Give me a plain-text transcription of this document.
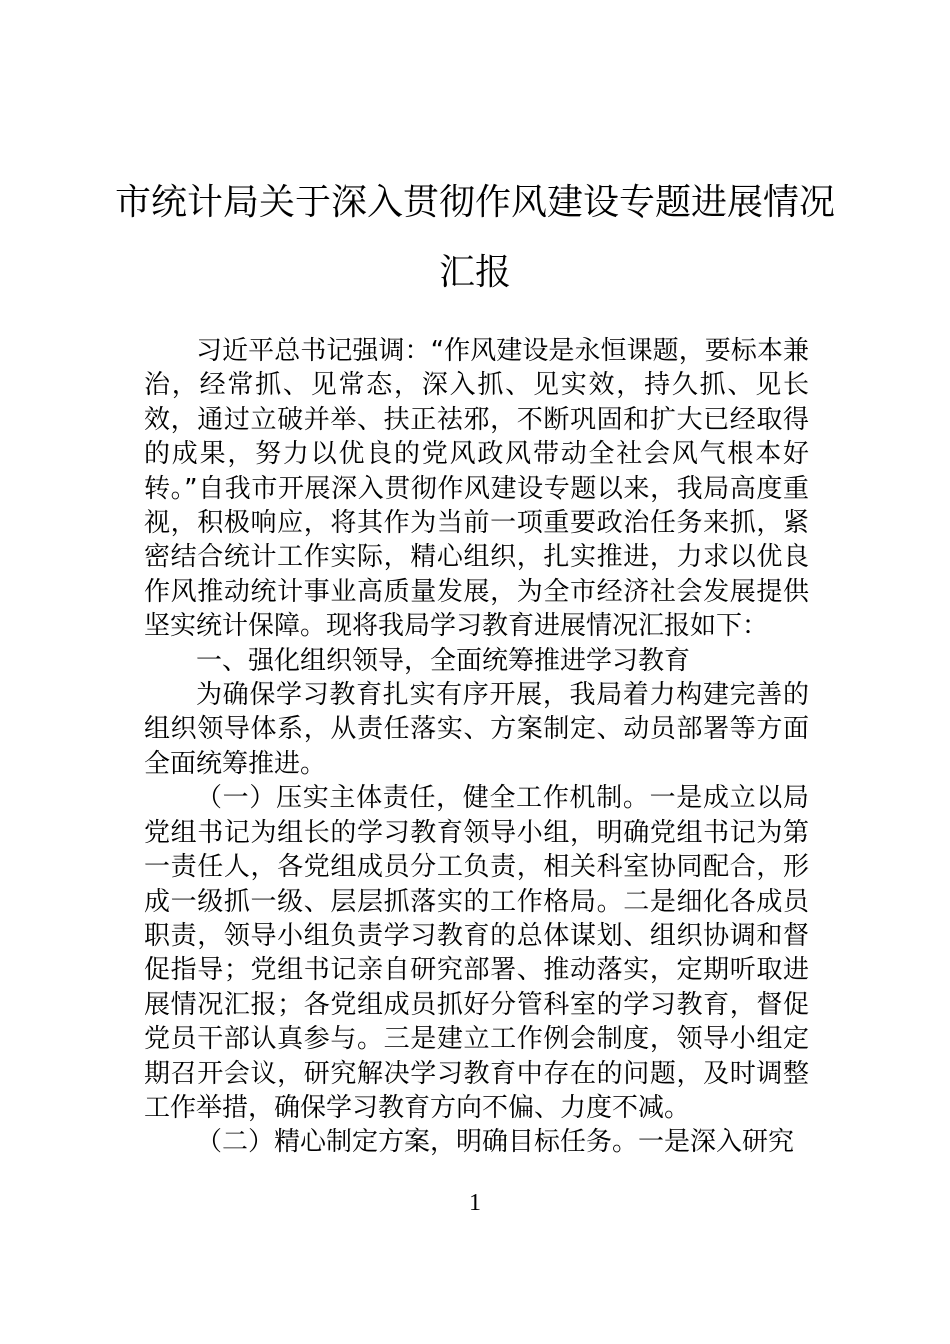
市统计局关于深入贯彻作风建设专题进展情况汇报

习近平总书记强调：“作风建设是永恒课题，要标本兼治，经常抓、见常态，深入抓、见实效，持久抓、见长效，通过立破并举、扶正祛邪，不断巩固和扩大已经取得的成果，努力以优良的党风政风带动全社会风气根本好转。”自我市开展深入贯彻作风建设专题以来，我局高度重视，积极响应，将其作为当前一项重要政治任务来抓，紧密结合统计工作实际，精心组织，扎实推进，力求以优良作风推动统计事业高质量发展，为全市经济社会发展提供坚实统计保障。现将我局学习教育进展情况汇报如下：

一、强化组织领导，全面统筹推进学习教育

为确保学习教育扎实有序开展，我局着力构建完善的组织领导体系，从责任落实、方案制定、动员部署等方面全面统筹推进。

（一）压实主体责任，健全工作机制。一是成立以局党组书记为组长的学习教育领导小组，明确党组书记为第一责任人，各党组成员分工负责，相关科室协同配合，形成一级抓一级、层层抓落实的工作格局。二是细化各成员职责，领导小组负责学习教育的总体谋划、组织协调和督促指导；党组书记亲自研究部署、推动落实，定期听取进展情况汇报；各党组成员抓好分管科室的学习教育，督促党员干部认真参与。三是建立工作例会制度，领导小组定期召开会议，研究解决学习教育中存在的问题，及时调整工作举措，确保学习教育方向不偏、力度不减。

（二）精心制定方案，明确目标任务。一是深入研究

1
